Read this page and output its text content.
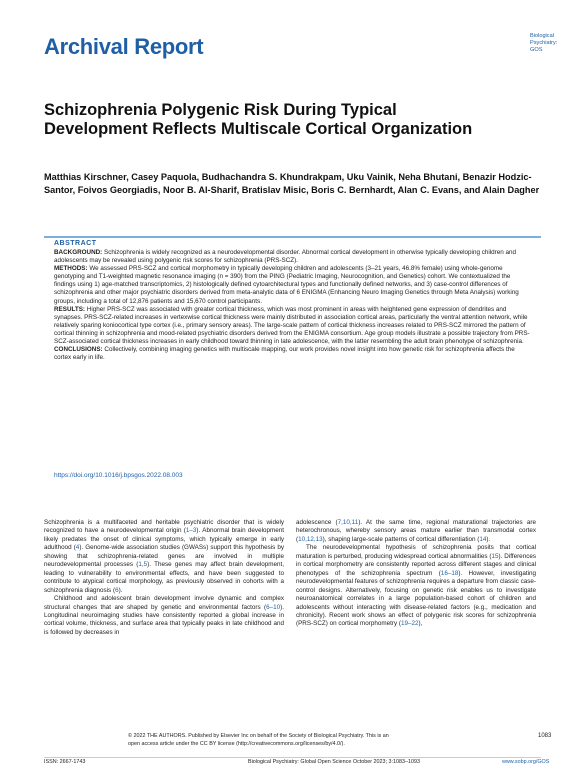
Archival Report	Biological
Psychiatry:
GOS
Schizophrenia Polygenic Risk During Typical Development Reflects Multiscale Cortical Organization
Matthias Kirschner, Casey Paquola, Budhachandra S. Khundrakpam, Uku Vainik, Neha Bhutani, Benazir Hodzic-Santor, Foivos Georgiadis, Noor B. Al-Sharif, Bratislav Misic, Boris C. Bernhardt, Alan C. Evans, and Alain Dagher
ABSTRACT

BACKGROUND: Schizophrenia is widely recognized as a neurodevelopmental disorder. Abnormal cortical development in otherwise typically developing children and adolescents may be revealed using polygenic risk scores for schizophrenia (PRS-SCZ).

METHODS: We assessed PRS-SCZ and cortical morphometry in typically developing children and adolescents (3–21 years, 46.8% female) using whole-genome genotyping and T1-weighted magnetic resonance imaging (n = 390) from the PING (Pediatric Imaging, Neurocognition, and Genetics) cohort. We contextualized the findings using 1) age-matched transcriptomics, 2) histologically defined cytoarchitectural types and functionally defined networks, and 3) case-control differences of schizophrenia and other major psychiatric disorders derived from meta-analytic data of 6 ENIGMA (Enhancing Neuro Imaging Genetics through Meta Analysis) working groups, including a total of 12,876 patients and 15,670 control participants.

RESULTS: Higher PRS-SCZ was associated with greater cortical thickness, which was most prominent in areas with heightened gene expression of dendrites and synapses. PRS-SCZ-related increases in vertexwise cortical thickness were mainly distributed in association cortical areas, particularly the ventral attention network, while relatively sparing koniocortical type cortex (i.e., primary sensory areas). The large-scale pattern of cortical thickness increases related to PRS-SCZ mirrored the pattern of cortical thinning in schizophrenia and mood-related psychiatric disorders derived from the ENIGMA consortium. Age group models illustrate a possible trajectory from PRS-SCZ-associated cortical thickness increases in early childhood toward thinning in late adolescence, with the latter resembling the adult brain phenotype of schizophrenia.

CONCLUSIONS: Collectively, combining imaging genetics with multiscale mapping, our work provides novel insight into how genetic risk for schizophrenia affects the cortex early in life.

https://doi.org/10.1016/j.bpsgos.2022.08.003

Schizophrenia is a multifaceted and heritable psychiatric disorder that is widely recognized to have a neurodevelopmental origin (1–3). Abnormal brain development likely predates the onset of clinical symptoms, which typically emerge in early adulthood (4). Genome-wide association studies (GWASs) support this hypothesis by showing that schizophrenia-related genes are involved in multiple neurodevelopmental processes (1,5). These genes may affect brain development, leading to vulnerability to environmental effects, and have been suggested to contribute to atypical cortical morphology, as previously observed in cohorts with a schizophrenia diagnosis (6).

Childhood and adolescent brain development involve dynamic and complex structural changes that are shaped by genetic and environmental factors (6–10). Longitudinal neuroimaging studies have consistently reported a global increase in cortical volume, thickness, and surface area that typically peaks in late childhood and is followed by decreases in

adolescence (7,10,11). At the same time, regional maturational trajectories are heterochronous, whereby sensory areas mature earlier than transmodal cortex (10,12,13), shaping large-scale patterns of cortical differentiation (14).

The neurodevelopmental hypothesis of schizophrenia posits that cortical maturation is perturbed, producing widespread cortical abnormalities (15). Differences in cortical morphometry are consistently reported across different stages and clinical phenotypes of the schizophrenia spectrum (16–18). However, investigating neurodevelopmental features of schizophrenia requires a departure from classic case-control designs. Alternatively, focusing on genetic risk enables us to investigate neuroanatomical correlates in a large population-based cohort of children and adolescents without interacting with disease-related factors (e.g., medication and chronicity). Recent work shows an effect of polygenic risk scores for schizophrenia (PRS-SCZ) on cortical morphometry (19–22),

© 2022 THE AUTHORS. Published by Elsevier Inc on behalf of the Society of Biological Psychiatry. This is an
open access article under the CC BY license (http://creativecommons.org/licenses/by/4.0/).
1083
ISSN: 2667-1743	Biological Psychiatry: Global Open Science October 2023; 3:1083–1093	www.sobp.org/GOS
